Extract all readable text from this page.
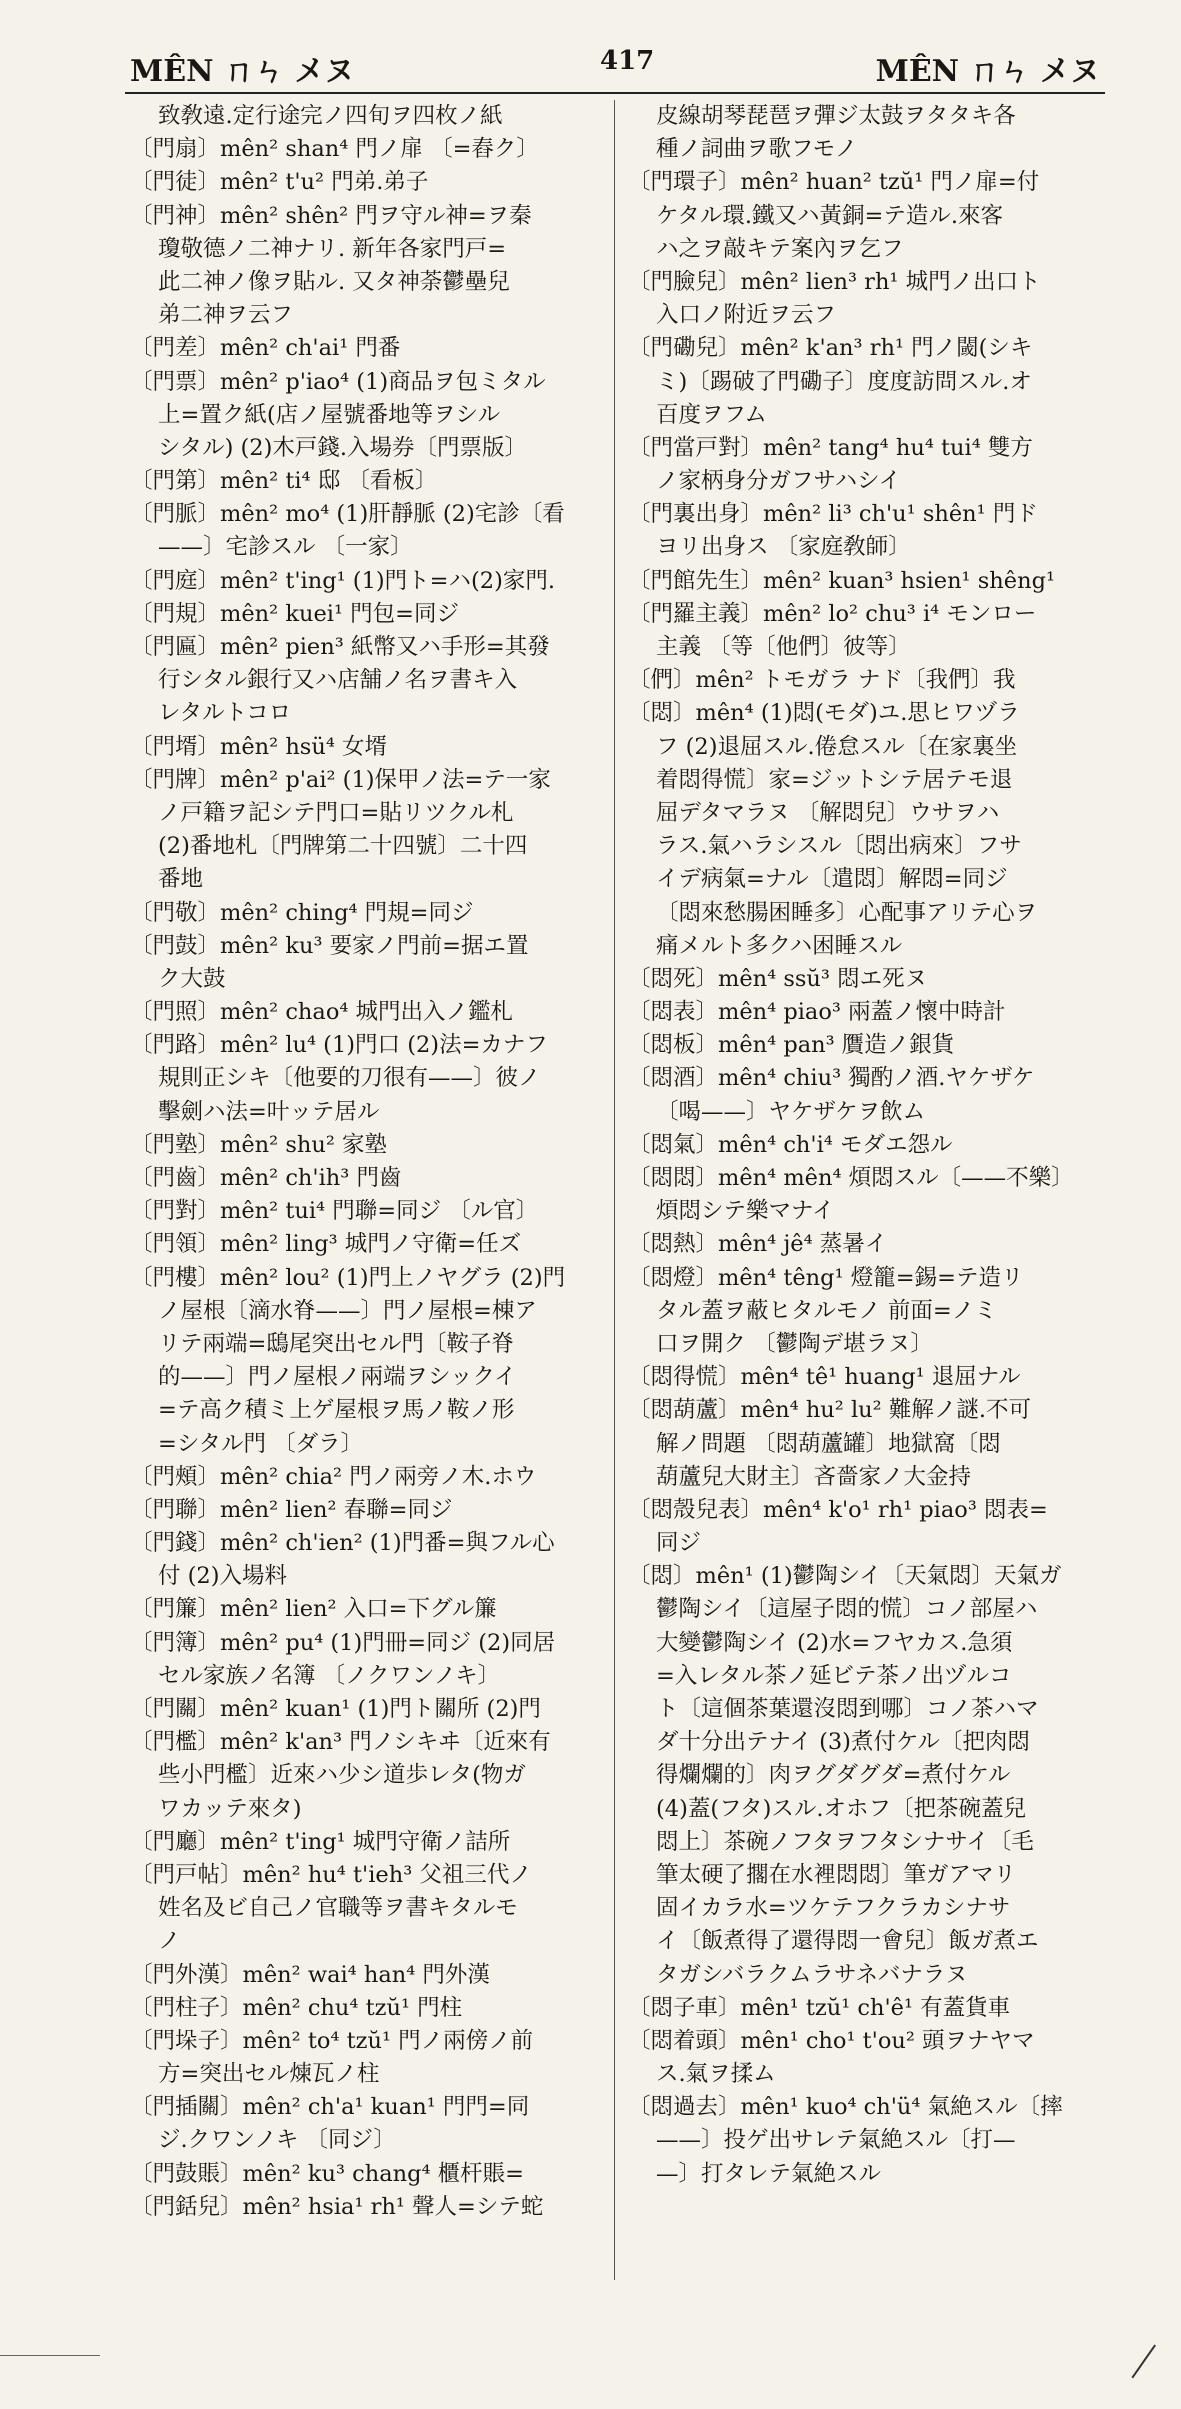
MÊN ㄇㄣ メヌ	417	MÊN ㄇㄣ メヌ
致敎遠.定行途完ノ四旬ヲ四枚ノ紙
〔門扇〕mên² shan⁴ 門ノ扉 〔=舂ク〕
〔門徒〕mên² t'u² 門弟.弟子
〔門神〕mên² shên² 門ヲ守ル神=ヲ秦
瓊敬德ノ二神ナリ. 新年各家門戸=
此二神ノ像ヲ貼ル. 又タ神荼鬱壘兒
弟二神ヲ云フ
〔門差〕mên² ch'ai¹ 門番
〔門票〕mên² p'iao⁴ (1)商品ヲ包ミタル
上=置ク紙(店ノ屋號番地等ヲシル
シタル) (2)木戸錢.入場券〔門票版〕
〔門第〕mên² ti⁴ 邸 〔看板〕
〔門脈〕mên² mo⁴ (1)肝靜脈 (2)宅診〔看
——〕宅診スル 〔一家〕
〔門庭〕mên² t'ing¹ (1)門ト=ハ(2)家門.
〔門規〕mên² kuei¹ 門包=同ジ
〔門匾〕mên² pien³ 紙幣又ハ手形=其發
行シタル銀行又ハ店舗ノ名ヲ書キ入
レタルトコロ
〔門壻〕mên² hsü⁴ 女壻
〔門牌〕mên² p'ai² (1)保甲ノ法=テ一家
ノ戸籍ヲ記シテ門口=貼リツクル札
(2)番地札〔門牌第二十四號〕二十四
番地
〔門敬〕mên² ching⁴ 門規=同ジ
〔門鼓〕mên² ku³ 要家ノ門前=据エ置
ク大鼓
〔門照〕mên² chao⁴ 城門出入ノ鑑札
〔門路〕mên² lu⁴ (1)門口 (2)法=カナフ
規則正シキ〔他要的刀很有——〕彼ノ
擊劍ハ法=叶ッテ居ル
〔門塾〕mên² shu² 家塾
〔門齒〕mên² ch'ih³ 門齒
〔門對〕mên² tui⁴ 門聯=同ジ 〔ル官〕
〔門領〕mên² ling³ 城門ノ守衛=任ズ
〔門樓〕mên² lou² (1)門上ノヤグラ (2)門
ノ屋根〔滴水脊——〕門ノ屋根=棟ア
リテ兩端=鴟尾突出セル門〔鞍子脊
的——〕門ノ屋根ノ兩端ヲシックイ
=テ高ク積ミ上ゲ屋根ヲ馬ノ鞍ノ形
=シタル門 〔ダラ〕
〔門頰〕mên² chia² 門ノ兩旁ノ木.ホウ
〔門聯〕mên² lien² 春聯=同ジ
〔門錢〕mên² ch'ien² (1)門番=與フル心
付 (2)入場料
〔門簾〕mên² lien² 入口=下グル簾
〔門簿〕mên² pu⁴ (1)門冊=同ジ (2)同居
セル家族ノ名簿 〔ノクワンノキ〕
〔門關〕mên² kuan¹ (1)門ト關所 (2)門
〔門檻〕mên² k'an³ 門ノシキヰ〔近來有
些小門檻〕近來ハ少シ道歩レタ(物ガ
ワカッテ來タ)
〔門廳〕mên² t'ing¹ 城門守衛ノ詰所
〔門戸帖〕mên² hu⁴ t'ieh³ 父祖三代ノ
姓名及ビ自己ノ官職等ヲ書キタルモ
ノ
〔門外漢〕mên² wai⁴ han⁴ 門外漢
〔門柱子〕mên² chu⁴ tzŭ¹ 門柱
〔門垛子〕mên² to⁴ tzŭ¹ 門ノ兩傍ノ前
方=突出セル煉瓦ノ柱
〔門插關〕mên² ch'a¹ kuan¹ 門門=同
ジ.クワンノキ 〔同ジ〕
〔門鼓賬〕mên² ku³ chang⁴ 櫃杆賬=
〔門銛兒〕mên² hsia¹ rh¹ 聲人=シテ蛇
皮線胡琴琵琶ヲ彈ジ太鼓ヲタタキ各
種ノ詞曲ヲ歌フモノ
〔門環子〕mên² huan² tzŭ¹ 門ノ扉=付
ケタル環.鐵又ハ黃銅=テ造ル.來客
ハ之ヲ敲キテ案內ヲ乞フ
〔門臉兒〕mên² lien³ rh¹ 城門ノ出口ト
入口ノ附近ヲ云フ
〔門磡兒〕mên² k'an³ rh¹ 門ノ閾(シキ
ミ)〔踢破了門磡子〕度度訪問スル.オ
百度ヲフム
〔門當戸對〕mên² tang⁴ hu⁴ tui⁴ 雙方
ノ家柄身分ガフサハシイ
〔門裏出身〕mên² li³ ch'u¹ shên¹ 門ド
ヨリ出身ス 〔家庭敎師〕
〔門館先生〕mên² kuan³ hsien¹ shêng¹
〔門羅主義〕mên² lo² chu³ i⁴ モンロー
主義 〔等〔他們〕彼等〕
〔們〕mên² トモガラ ナド〔我們〕我
〔悶〕mên⁴ (1)悶(モダ)ユ.思ヒワヅラ
フ (2)退屈スル.倦怠スル〔在家裏坐
着悶得慌〕家=ジットシテ居テモ退
屈デタマラヌ 〔解悶兒〕ウサヲハ
ラス.氣ハラシスル〔悶出病來〕フサ
イデ病氣=ナル〔遣悶〕解悶=同ジ
〔悶來愁腸困睡多〕心配事アリテ心ヲ
痛メルト多クハ困睡スル
〔悶死〕mên⁴ ssŭ³ 悶エ死ヌ
〔悶表〕mên⁴ piao³ 兩蓋ノ懷中時計
〔悶板〕mên⁴ pan³ 贋造ノ銀貨
〔悶酒〕mên⁴ chiu³ 獨酌ノ酒.ヤケザケ
〔喝——〕ヤケザケヲ飲ム
〔悶氣〕mên⁴ ch'i⁴ モダエ怨ル
〔悶悶〕mên⁴ mên⁴ 煩悶スル〔——不樂〕
煩悶シテ樂マナイ
〔悶熱〕mên⁴ jê⁴ 蒸暑イ
〔悶燈〕mên⁴ têng¹ 燈籠=錫=テ造リ
タル蓋ヲ蔽ヒタルモノ 前面=ノミ
口ヲ開ク 〔鬱陶デ堪ラヌ〕
〔悶得慌〕mên⁴ tê¹ huang¹ 退屈ナル
〔悶葫蘆〕mên⁴ hu² lu² 難解ノ謎.不可
解ノ問題 〔悶葫蘆罐〕地獄窩〔悶
葫蘆兒大財主〕吝嗇家ノ大金持
〔悶殼兒表〕mên⁴ k'o¹ rh¹ piao³ 悶表=
同ジ
〔悶〕mên¹ (1)鬱陶シイ〔天氣悶〕天氣ガ
鬱陶シイ〔這屋子悶的慌〕コノ部屋ハ
大變鬱陶シイ (2)水=フヤカス.急須
=入レタル茶ノ延ビテ茶ノ出ヅルコ
ト〔這個茶葉還沒悶到哪〕コノ茶ハマ
ダ十分出テナイ (3)煮付ケル〔把肉悶
得爛爛的〕肉ヲグダグダ=煮付ケル
(4)蓋(フタ)スル.オホフ〔把茶碗蓋兒
悶上〕茶碗ノフタヲフタシナサイ〔毛
筆太硬了擱在水裡悶悶〕筆ガアマリ
固イカラ水=ツケテフクラカシナサ
イ〔飯煮得了還得悶一會兒〕飯ガ煮エ
タガシバラクムラサネバナラヌ
〔悶子車〕mên¹ tzŭ¹ ch'ê¹ 有蓋貨車
〔悶着頭〕mên¹ cho¹ t'ou² 頭ヲナヤマ
ス.氣ヲ揉ム
〔悶過去〕mên¹ kuo⁴ ch'ü⁴ 氣絶スル〔摔
——〕投ゲ出サレテ氣絶スル〔打—
—〕打タレテ氣絶スル
